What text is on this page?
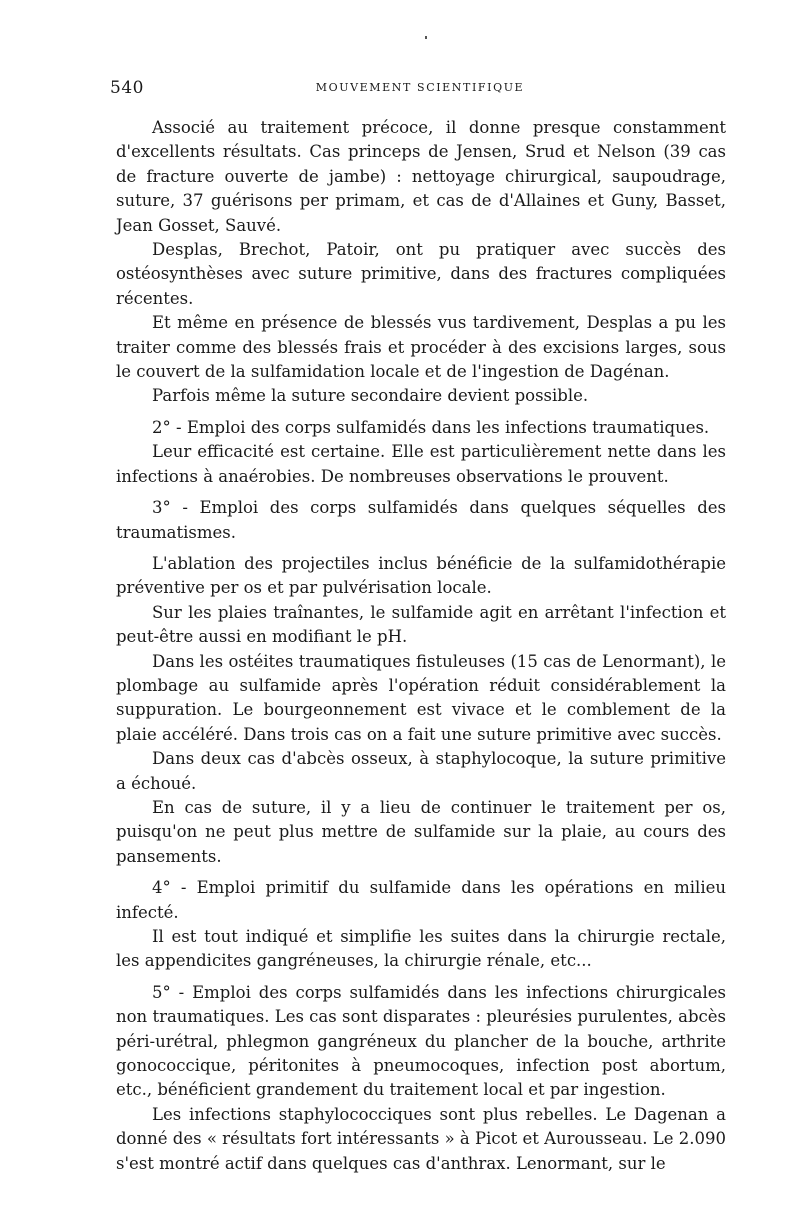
540	MOUVEMENT SCIENTIFIQUE

Associé au traitement précoce, il donne presque constamment d'excellents résultats. Cas princeps de Jensen, Srud et Nelson (39 cas de fracture ouverte de jambe) : nettoyage chirurgical, saupoudrage, suture, 37 guérisons per primam, et cas de d'Allaines et Guny, Basset, Jean Gosset, Sauvé.

Desplas, Brechot, Patoir, ont pu pratiquer avec succès des ostéosynthèses avec suture primitive, dans des fractures compliquées récentes.

Et même en présence de blessés vus tardivement, Desplas a pu les traiter comme des blessés frais et procéder à des excisions larges, sous le couvert de la sulfamidation locale et de l'ingestion de Dagénan.

Parfois même la suture secondaire devient possible.

2° - Emploi des corps sulfamidés dans les infections traumatiques.

Leur efficacité est certaine. Elle est particulièrement nette dans les infections à anaérobies. De nombreuses observations le prouvent.

3° - Emploi des corps sulfamidés dans quelques séquelles des traumatismes.

L'ablation des projectiles inclus bénéficie de la sulfamidothérapie préventive per os et par pulvérisation locale.

Sur les plaies traînantes, le sulfamide agit en arrêtant l'infection et peut-être aussi en modifiant le pH.

Dans les ostéites traumatiques fistuleuses (15 cas de Lenormant), le plombage au sulfamide après l'opération réduit considérablement la suppuration. Le bourgeonnement est vivace et le comblement de la plaie accéléré. Dans trois cas on a fait une suture primitive avec succès.

Dans deux cas d'abcès osseux, à staphylocoque, la suture primitive a échoué.

En cas de suture, il y a lieu de continuer le traitement per os, puisqu'on ne peut plus mettre de sulfamide sur la plaie, au cours des pansements.

4° - Emploi primitif du sulfamide dans les opérations en milieu infecté.

Il est tout indiqué et simplifie les suites dans la chirurgie rectale, les appendicites gangréneuses, la chirurgie rénale, etc...

5° - Emploi des corps sulfamidés dans les infections chirurgicales non traumatiques. Les cas sont disparates : pleurésies purulentes, abcès péri-urétral, phlegmon gangréneux du plancher de la bouche, arthrite gonococcique, péritonites à pneumocoques, infection post abortum, etc., bénéficient grandement du traitement local et par ingestion.

Les infections staphylococciques sont plus rebelles. Le Dagenan a donné des « résultats fort intéressants » à Picot et Aurousseau. Le 2.090 s'est montré actif dans quelques cas d'anthrax. Lenormant, sur le
